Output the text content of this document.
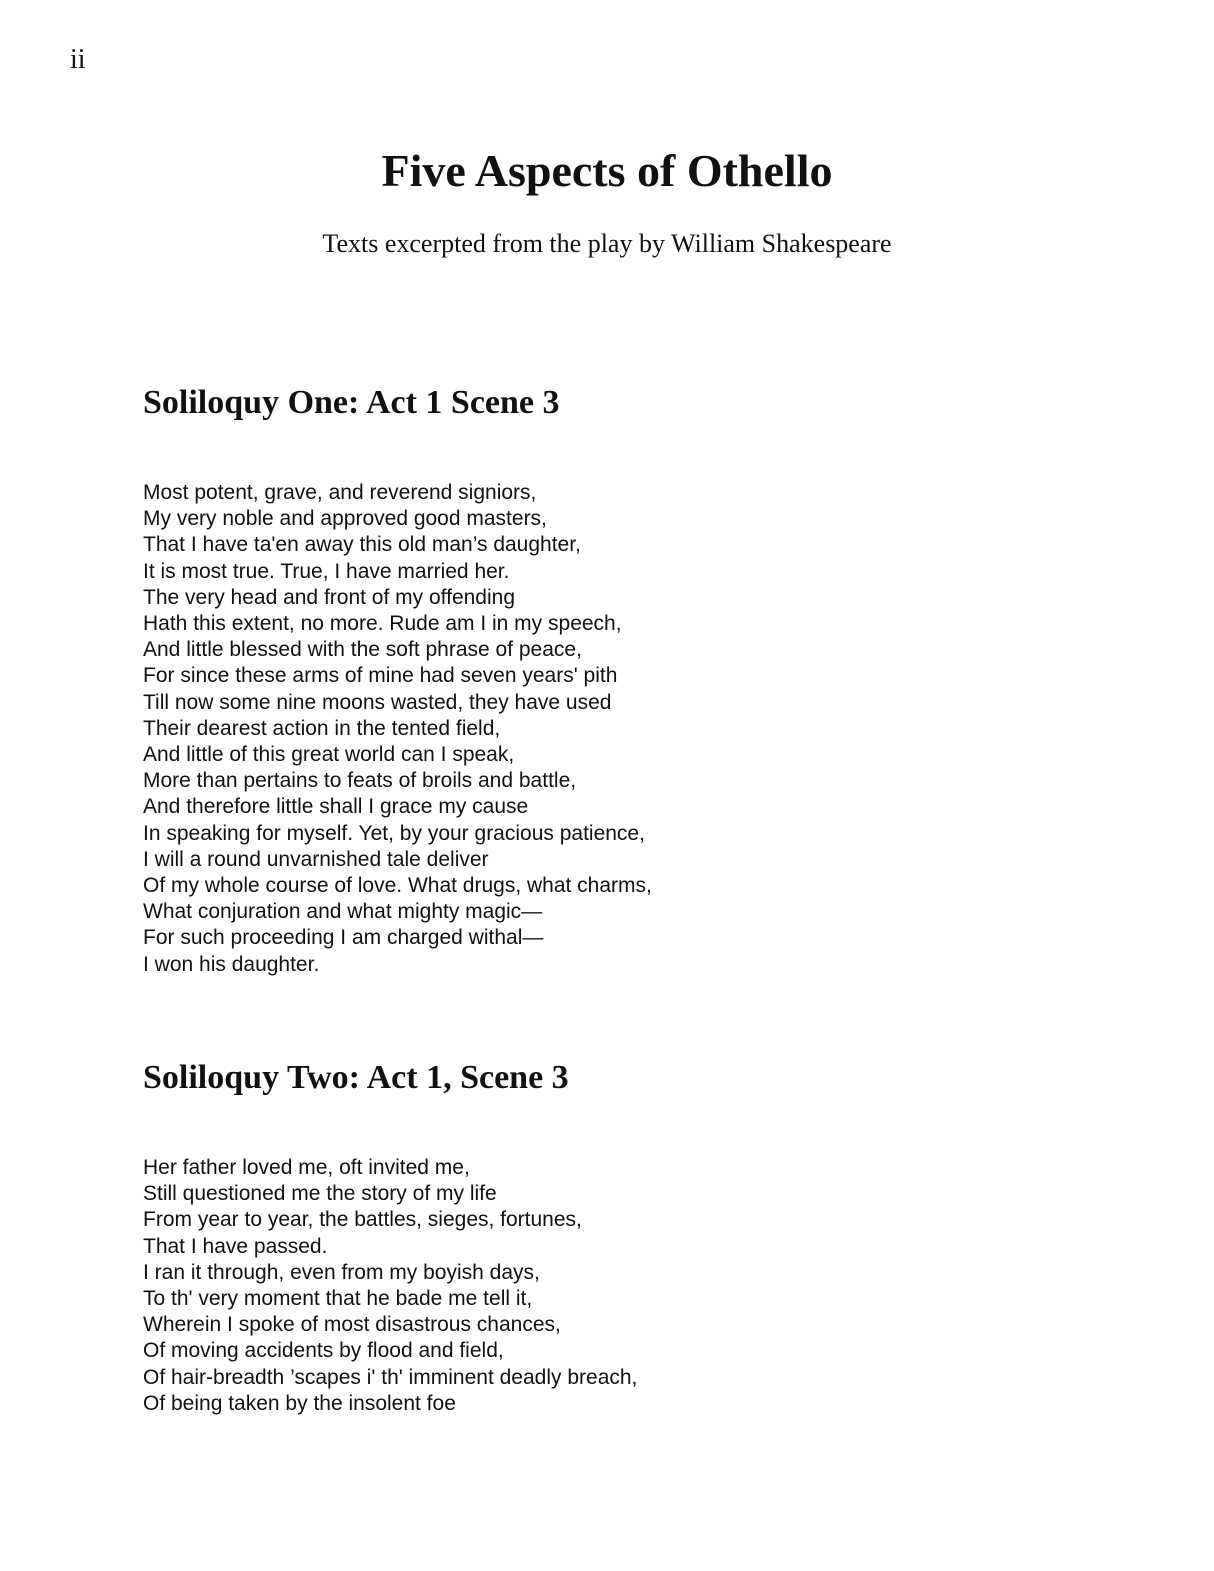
ii
Five Aspects of Othello

Texts excerpted from the play by William Shakespeare

Soliloquy One: Act 1 Scene 3
Most potent, grave, and reverend signiors,
My very noble and approved good masters,
That I have ta'en away this old man’s daughter,
It is most true. True, I have married her.
The very head and front of my offending
Hath this extent, no more. Rude am I in my speech,
And little blessed with the soft phrase of peace,
For since these arms of mine had seven years' pith
Till now some nine moons wasted, they have used
Their dearest action in the tented field,
And little of this great world can I speak,
More than pertains to feats of broils and battle,
And therefore little shall I grace my cause
In speaking for myself. Yet, by your gracious patience,
I will a round unvarnished tale deliver
Of my whole course of love. What drugs, what charms,
What conjuration and what mighty magic—
For such proceeding I am charged withal—
I won his daughter.
Soliloquy Two: Act 1, Scene 3
Her father loved me, oft invited me,
Still questioned me the story of my life
From year to year, the battles, sieges, fortunes,
That I have passed.
I ran it through, even from my boyish days,
To th' very moment that he bade me tell it,
Wherein I spoke of most disastrous chances,
Of moving accidents by flood and field,
Of hair-breadth ’scapes i' th' imminent deadly breach,
Of being taken by the insolent foe
